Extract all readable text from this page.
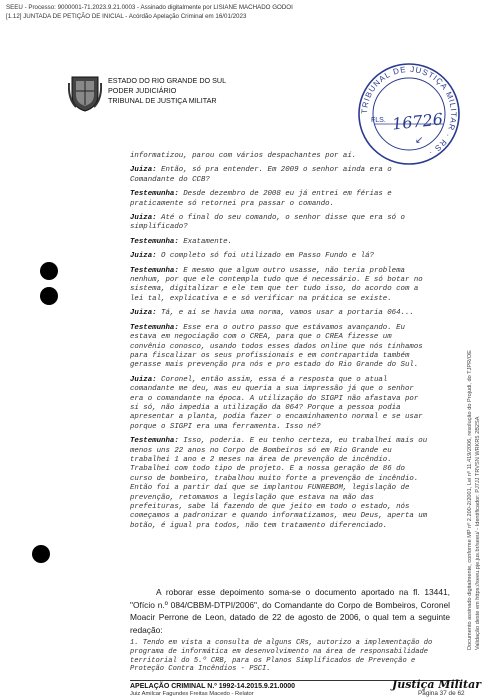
SEEU - Processo: 9000001-71.2023.9.21.0003 - Assinado digitalmente por LISIANE MACHADO GODOI
[1.12] JUNTADA DE PETIÇÃO DE INICIAL - Acórdão Apelação Criminal em 16/01/2023
ESTADO DO RIO GRANDE DO SUL
PODER JUDICIÁRIO
TRIBUNAL DE JUSTIÇA MILITAR
TRIBUNAL DE JUSTIÇA MILITAR · RS ·
FLS. 16726
↙
Documento assinado digitalmente, conforme MP nº 2.200-2/2001, Lei nº 11.419/2006, resolução do Projudi, do TJPR/OE Validação deste em https://seeu.pje.jus.br/seeu/ - Identificador: PJ7JJ TRVSN WRKR5 2B2SA

informatizou, parou com vários despachantes por aí.

Juiza: Então, só pra entender. Em 2009 o senhor ainda era o Comandante do CCB?

Testemunha: Desde dezembro de 2008 eu já entrei em férias e praticamente só retornei pra passar o comando.

Juiza: Até o final do seu comando, o senhor disse que era só o simplificado?

Testemunha: Exatamente.

Juiza: O completo só foi utilizado em Passo Fundo e lá?

Testemunha: E mesmo que algum outro usasse, não teria problema nenhum, por que ele contempla tudo que é necessário. E só botar no sistema, digitalizar e ele tem que ter tudo isso, do acordo com a lei tal, explicativa e e só verificar na prática se existe.

Juiza: Tá, e aí se havia uma norma, vamos usar a portaria 064...

Testemunha: Esse era o outro passo que estávamos avançando. Eu estava em negociação com o CREA, para que o CREA fizesse um convênio conosco, usando todos esses dados online que nós tínhamos para fiscalizar os seus profissionais e em contrapartida também gerasse mais prevenção pra nós e pro estado do Rio Grande do Sul.

Juiza: Coronel, então assim, essa é a resposta que o atual comandante me deu, mas eu queria a sua impressão já que o senhor era o comandante na época. A utilização do SIGPI não afastava por si só, não impedia a utilização da 064? Porque a pessoa podia apresentar a planta, podia fazer o encaminhamento normal e se usar porque o SIGPI era uma ferramenta. Isso né?

Testemunha: Isso, poderia. E eu tenho certeza, eu trabalhei mais ou menos uns 22 anos no Corpo de Bombeiros só em Rio Grande eu trabalhei 1 ano e 2 meses na área de prevenção de incêndio. Trabalhei com todo tipo de projeto. E a nossa geração de 86 do curso de bombeiro, trabalhou muito forte a prevenção de incêndio. Então foi a partir daí que se implantou FUNREBOM, legislação de prevenção, retomamos a legislação que estava na mão das prefeituras, sabe lá fazendo de que jeito em todo o estado, nós começamos a padronizar e quando informatizamos, meu Deus, aperta um botão, é igual pra todos, não tem tratamento diferenciado.

A roborar esse depoimento soma-se o documento aportado na fl. 13441, "Ofício n.º 084/CBBM-DTPI/2006", do Comandante do Corpo de Bombeiros, Coronel Moacir Perrone de Leon, datado de 22 de agosto de 2006, o qual tem a seguinte redação:
1. Tendo em vista a consulta de alguns CRs, autorizo a implementação do programa de informática em desenvolvimento na área de responsabilidade territorial do 5.º CRB, para os Planos Simplificados de Prevenção e Proteção Contra Incêndios - PSCI.
APELAÇÃO CRIMINAL N.º 1992-14.2015.9.21.0000
Juiz Amilcar Fagundes Freitas Macedo - Relator
Justiça Militar
Página 37 de 62
